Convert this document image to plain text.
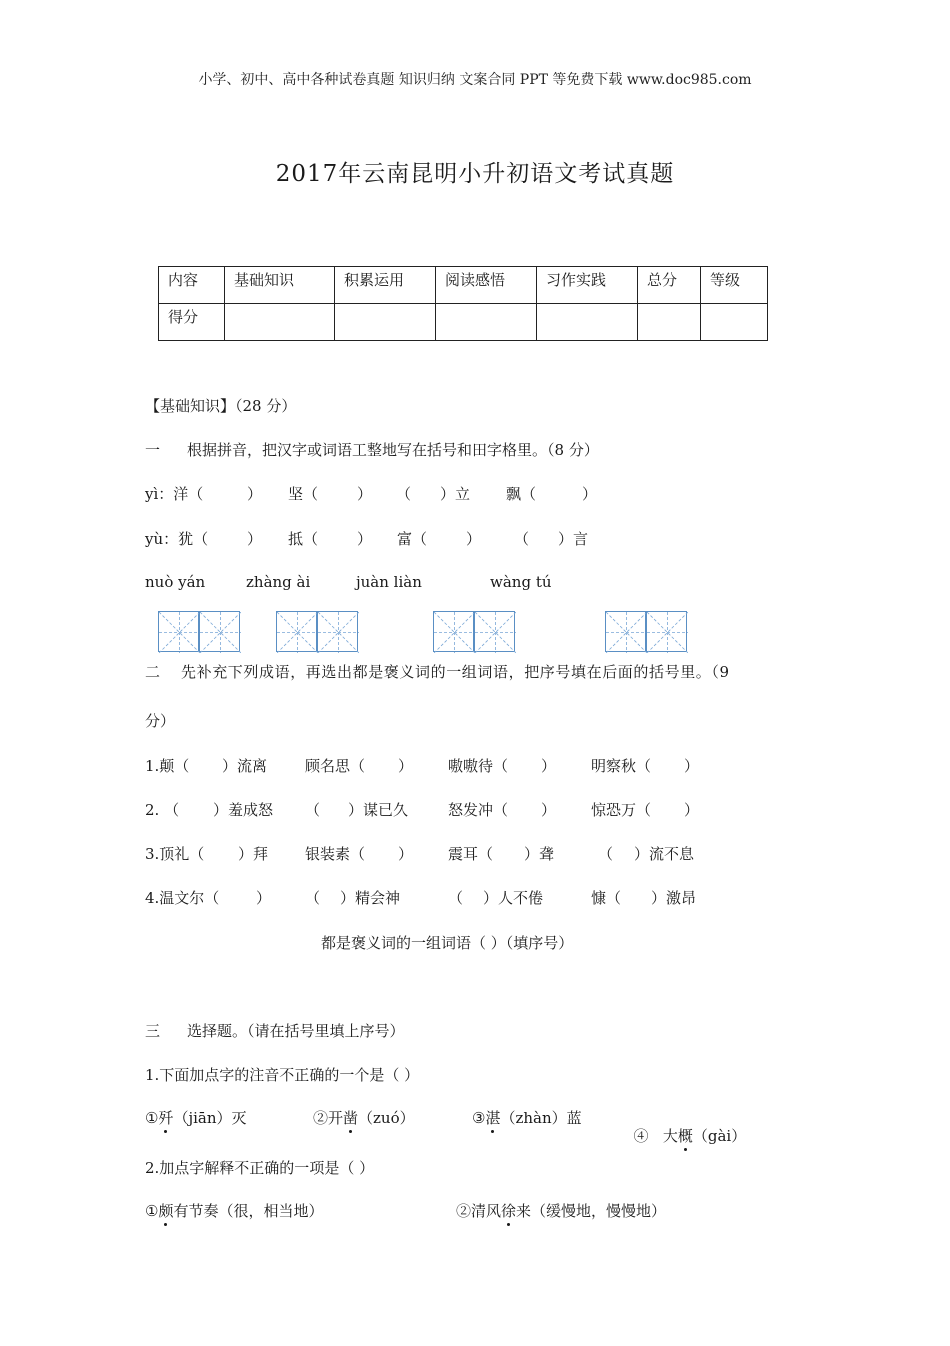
小学、初中、高中各种试卷真题 知识归纳 文案合同 PPT 等免费下载 www.doc985.com
2017年云南昆明小升初语文考试真题
内容	基础知识	积累运用	阅读感悟	习作实践	总分	等级
得分						
【基础知识】（28 分）
一 根据拼音，把汉字或词语工整地写在括号和田字格里。（8 分）
yì：洋（	） 坚（	） （ ）立 飘（	）
yù：犹（	） 抵（	） 富（	） （ ）言
nuò yán	zhàng ài	juàn liàn	wàng tú
二 先补充下列成语，再选出都是褒义词的一组词语，把序号填在后面的括号里。（9
分）
1.颠（ ）流离	顾名思（ ） 嗷嗷待（ ） 明察秋（ ）
2. （ ）羞成怒 （ ）谋已久	怒发冲（ ） 惊恐万（ ）
3.顶礼（ ）拜 银装素（ ） 震耳（ ）聋	（ ）流不息
4.温文尔（ ） （ ）精会神	（ ）人不倦	慷（ ）激昂
都是褒义词的一组词语（ ）（填序号）
三 选择题。（请在括号里填上序号）
1.下面加点字的注音不正确的一个是（ ）
①歼（jiān）灭	②开凿（zuó）	③湛（zhàn）蓝

④   大概（gài）

2.加点字解释不正确的一项是（ ）
①颇有节奏（很，相当地）	②清风徐来（缓慢地，慢慢地）
